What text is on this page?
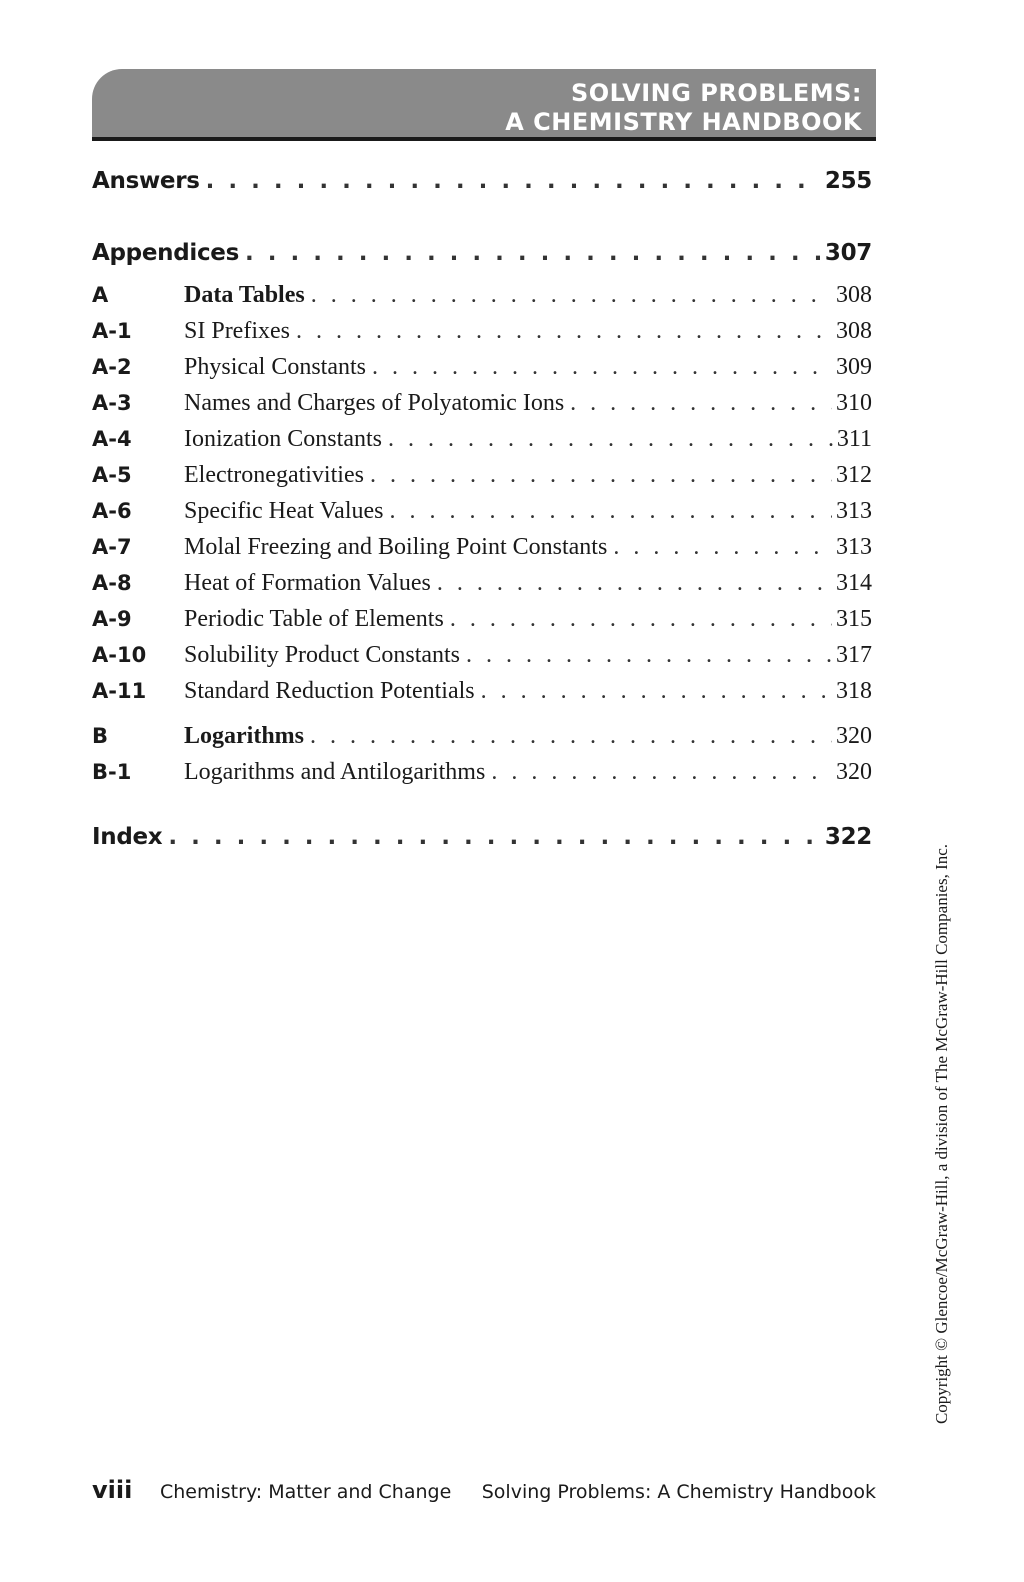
SOLVING PROBLEMS:
A CHEMISTRY HANDBOOK
Answers . . .	255
Appendices . . .	307
A	Data Tables . . .	308
A-1	SI Prefixes . . .	308
A-2	Physical Constants . . .	309
A-3	Names and Charges of Polyatomic Ions . . .	310
A-4	Ionization Constants . . .	311
A-5	Electronegativities . . .	312
A-6	Specific Heat Values . . .	313
A-7	Molal Freezing and Boiling Point Constants . . .	313
A-8	Heat of Formation Values . . .	314
A-9	Periodic Table of Elements . . .	315
A-10	Solubility Product Constants . . .	317
A-11	Standard Reduction Potentials . . .	318
B	Logarithms . . .	320
B-1	Logarithms and Antilogarithms . . .	320
Index . . .	322
Copyright © Glencoe/McGraw-Hill, a division of The McGraw-Hill Companies, Inc.
viii Chemistry: Matter and Change Solving Problems: A Chemistry Handbook
